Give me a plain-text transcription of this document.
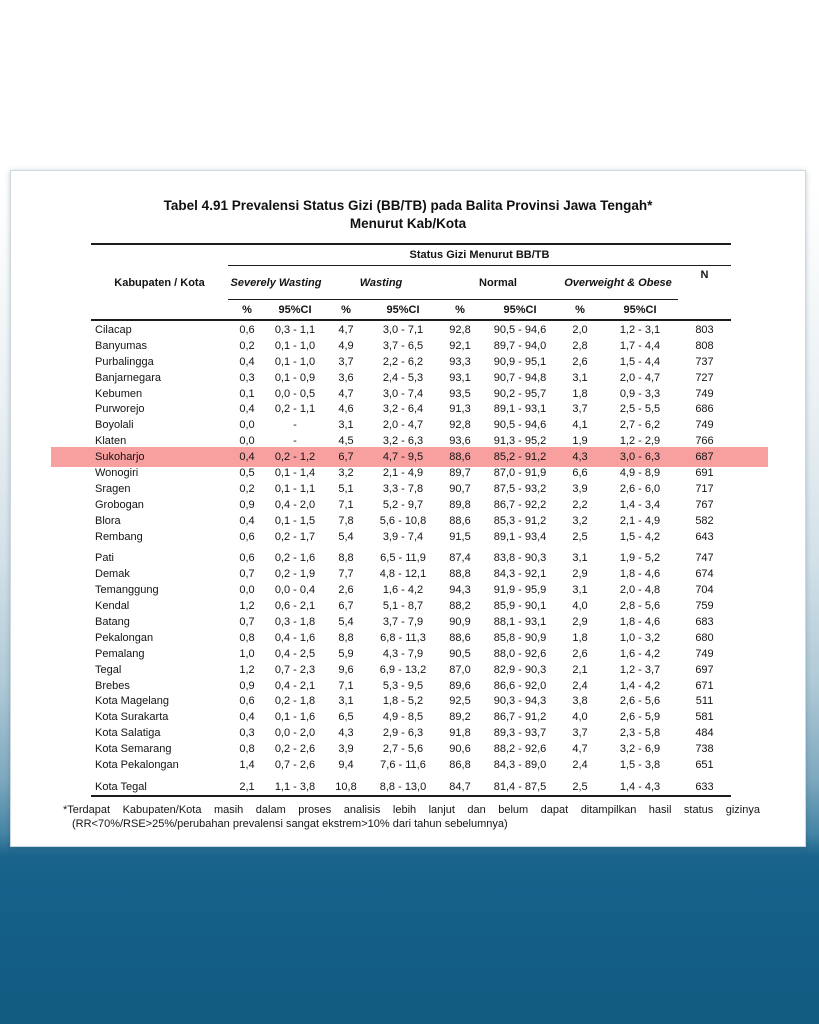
Tabel 4.91 Prevalensi Status Gizi (BB/TB) pada Balita Provinsi Jawa Tengah*
Menurut Kab/Kota
Status Gizi Menurut BB/TB
Kabupaten / Kota	Severely Wasting	Wasting	Normal	Overweight & Obese
N
%	95%CI	%	95%CI	%	95%CI	%	95%CI
Cilacap	0,6	0,3 - 1,1	4,7	3,0 - 7,1	92,8	90,5 - 94,6	2,0	1,2 - 3,1	803
Banyumas	0,2	0,1 - 1,0	4,9	3,7 - 6,5	92,1	89,7 - 94,0	2,8	1,7 - 4,4	808
Purbalingga	0,4	0,1 - 1,0	3,7	2,2 - 6,2	93,3	90,9 - 95,1	2,6	1,5 - 4,4	737
Banjarnegara	0,3	0,1 - 0,9	3,6	2,4 - 5,3	93,1	90,7 - 94,8	3,1	2,0 - 4,7	727
Kebumen	0,1	0,0 - 0,5	4,7	3,0 - 7,4	93,5	90,2 - 95,7	1,8	0,9 - 3,3	749
Purworejo	0,4	0,2 - 1,1	4,6	3,2 - 6,4	91,3	89,1 - 93,1	3,7	2,5 - 5,5	686
Boyolali	0,0	-	3,1	2,0 - 4,7	92,8	90,5 - 94,6	4,1	2,7 - 6,2	749
Klaten	0,0	-	4,5	3,2 - 6,3	93,6	91,3 - 95,2	1,9	1,2 - 2,9	766
Sukoharjo	0,4	0,2 - 1,2	6,7	4,7 - 9,5	88,6	85,2 - 91,2	4,3	3,0 - 6,3	687
Wonogiri	0,5	0,1 - 1,4	3,2	2,1 - 4,9	89,7	87,0 - 91,9	6,6	4,9 - 8,9	691
Sragen	0,2	0,1 - 1,1	5,1	3,3 - 7,8	90,7	87,5 - 93,2	3,9	2,6 - 6,0	717
Grobogan	0,9	0,4 - 2,0	7,1	5,2 - 9,7	89,8	86,7 - 92,2	2,2	1,4 - 3,4	767
Blora	0,4	0,1 - 1,5	7,8	5,6 - 10,8	88,6	85,3 - 91,2	3,2	2,1 - 4,9	582
Rembang	0,6	0,2 - 1,7	5,4	3,9 - 7,4	91,5	89,1 - 93,4	2,5	1,5 - 4,2	643
Pati	0,6	0,2 - 1,6	8,8	6,5 - 11,9	87,4	83,8 - 90,3	3,1	1,9 - 5,2	747
Demak	0,7	0,2 - 1,9	7,7	4,8 - 12,1	88,8	84,3 - 92,1	2,9	1,8 - 4,6	674
Temanggung	0,0	0,0 - 0,4	2,6	1,6 - 4,2	94,3	91,9 - 95,9	3,1	2,0 - 4,8	704
Kendal	1,2	0,6 - 2,1	6,7	5,1 - 8,7	88,2	85,9 - 90,1	4,0	2,8 - 5,6	759
Batang	0,7	0,3 - 1,8	5,4	3,7 - 7,9	90,9	88,1 - 93,1	2,9	1,8 - 4,6	683
Pekalongan	0,8	0,4 - 1,6	8,8	6,8 - 11,3	88,6	85,8 - 90,9	1,8	1,0 - 3,2	680
Pemalang	1,0	0,4 - 2,5	5,9	4,3 - 7,9	90,5	88,0 - 92,6	2,6	1,6 - 4,2	749
Tegal	1,2	0,7 - 2,3	9,6	6,9 - 13,2	87,0	82,9 - 90,3	2,1	1,2 - 3,7	697
Brebes	0,9	0,4 - 2,1	7,1	5,3 - 9,5	89,6	86,6 - 92,0	2,4	1,4 - 4,2	671
Kota Magelang	0,6	0,2 - 1,8	3,1	1,8 - 5,2	92,5	90,3 - 94,3	3,8	2,6 - 5,6	511
Kota Surakarta	0,4	0,1 - 1,6	6,5	4,9 - 8,5	89,2	86,7 - 91,2	4,0	2,6 - 5,9	581
Kota Salatiga	0,3	0,0 - 2,0	4,3	2,9 - 6,3	91,8	89,3 - 93,7	3,7	2,3 - 5,8	484
Kota Semarang	0,8	0,2 - 2,6	3,9	2,7 - 5,6	90,6	88,2 - 92,6	4,7	3,2 - 6,9	738
Kota Pekalongan	1,4	0,7 - 2,6	9,4	7,6 - 11,6	86,8	84,3 - 89,0	2,4	1,5 - 3,8	651
Kota Tegal	2,1	1,1 - 3,8	10,8	8,8 - 13,0	84,7	81,4 - 87,5	2,5	1,4 - 4,3	633
*Terdapat Kabupaten/Kota masih dalam proses analisis lebih lanjut dan belum dapat ditampilkan hasil status gizinya
(RR<70%/RSE>25%/perubahan prevalensi sangat ekstrem>10% dari tahun sebelumnya)
